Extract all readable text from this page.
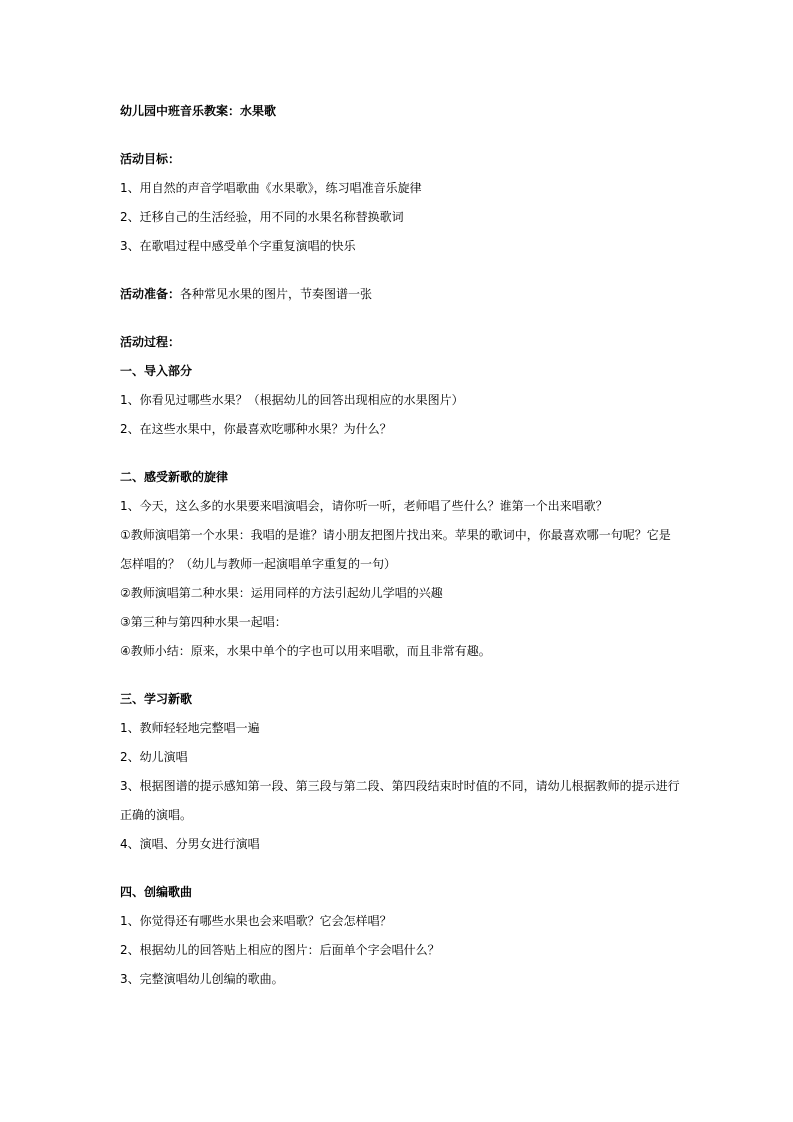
幼儿园中班音乐教案：水果歌
活动目标：
1、用自然的声音学唱歌曲《水果歌》，练习唱准音乐旋律
2、迁移自己的生活经验，用不同的水果名称替换歌词
3、在歌唱过程中感受单个字重复演唱的快乐
活动准备：各种常见水果的图片，节奏图谱一张
活动过程：
一、导入部分
1、你看见过哪些水果？（根据幼儿的回答出现相应的水果图片）
2、在这些水果中，你最喜欢吃哪种水果？为什么？
二、感受新歌的旋律
1、今天，这么多的水果要来唱演唱会，请你听一听，老师唱了些什么？谁第一个出来唱歌？
①教师演唱第一个水果：我唱的是谁？请小朋友把图片找出来。苹果的歌词中，你最喜欢哪一句呢？它是
怎样唱的？（幼儿与教师一起演唱单字重复的一句）
②教师演唱第二种水果：运用同样的方法引起幼儿学唱的兴趣
③第三种与第四种水果一起唱：
④教师小结：原来，水果中单个的字也可以用来唱歌，而且非常有趣。
三、学习新歌
1、教师轻轻地完整唱一遍
2、幼儿演唱
3、根据图谱的提示感知第一段、第三段与第二段、第四段结束时时值的不同，请幼儿根据教师的提示进行
正确的演唱。
4、演唱、分男女进行演唱
四、创编歌曲
1、你觉得还有哪些水果也会来唱歌？它会怎样唱？
2、根据幼儿的回答贴上相应的图片：后面单个字会唱什么？
3、完整演唱幼儿创编的歌曲。
